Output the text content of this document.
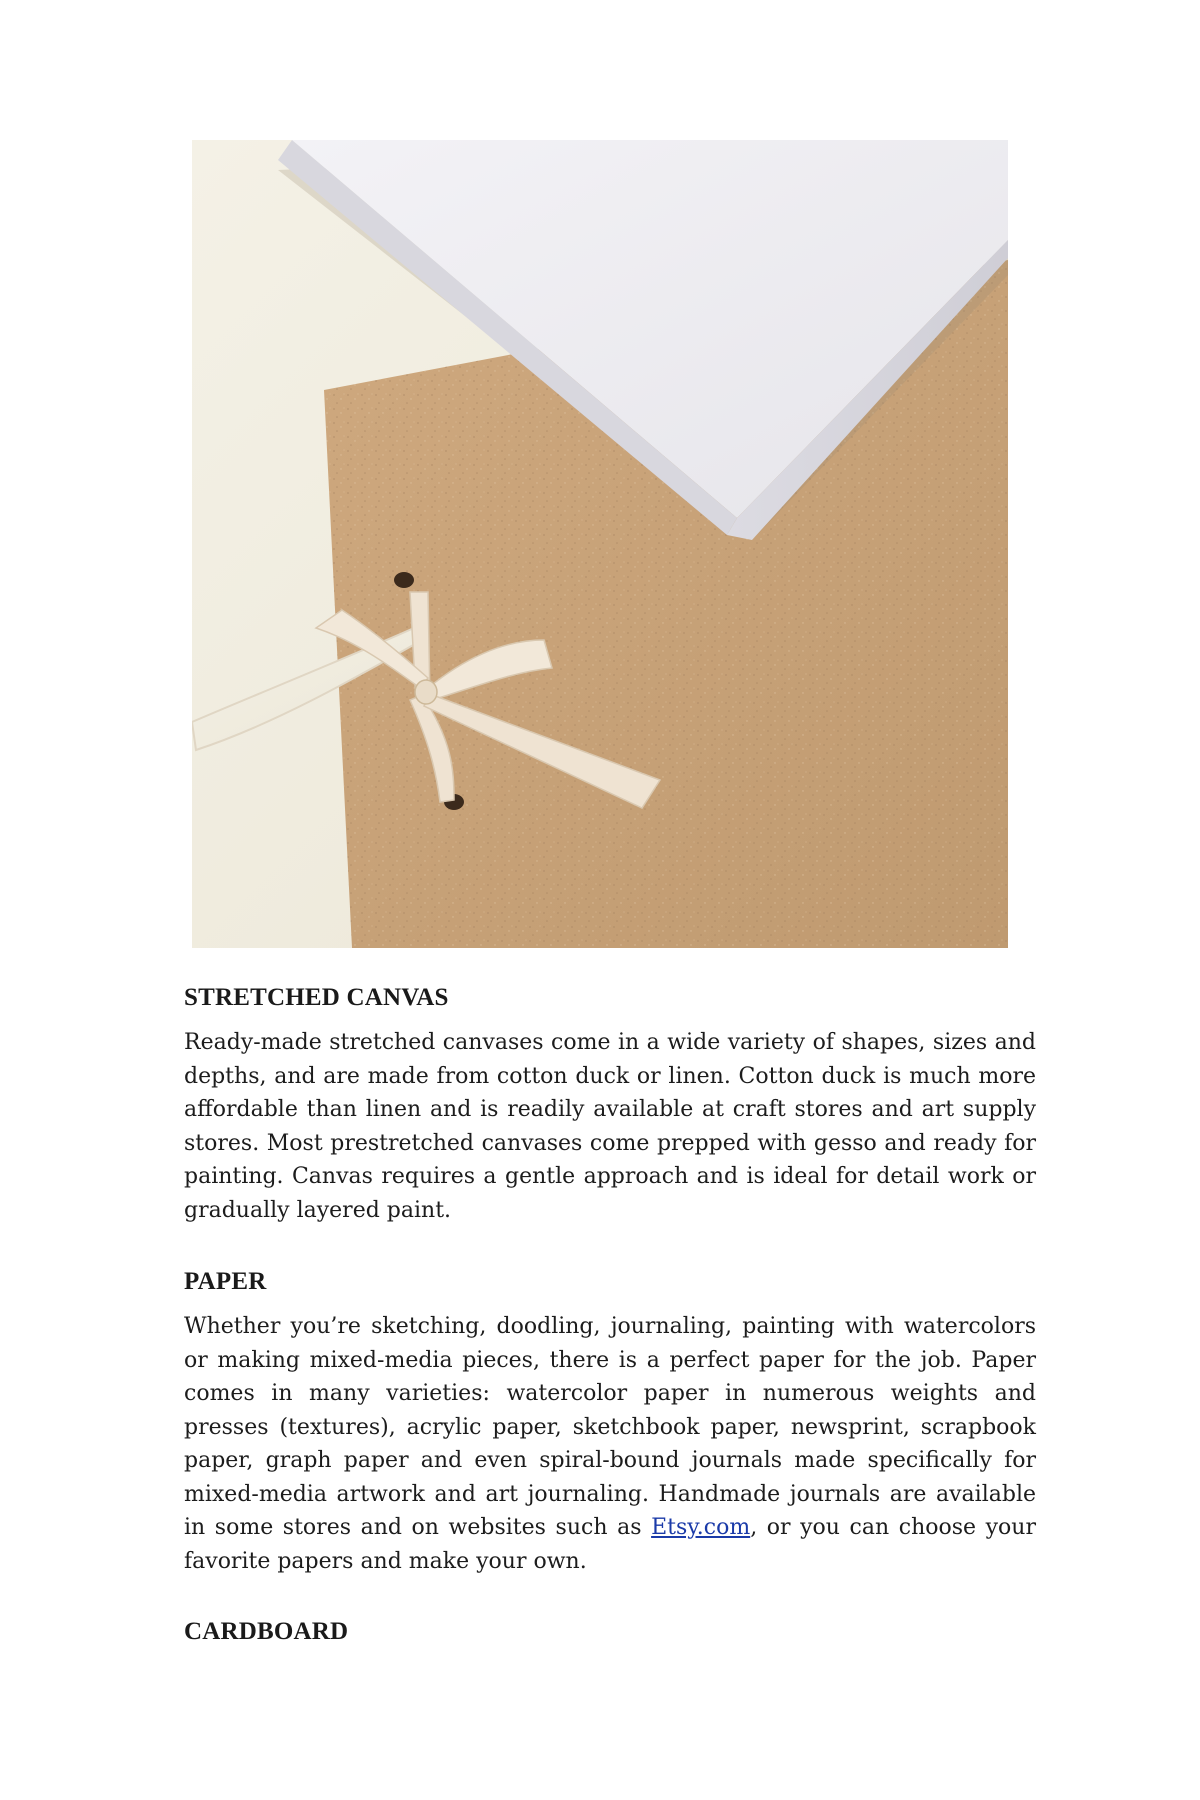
STRETCHED CANVAS

Ready-made stretched canvases come in a wide variety of shapes, sizes and depths, and are made from cotton duck or linen. Cotton duck is much more affordable than linen and is readily available at craft stores and art supply stores. Most prestretched canvases come prepped with gesso and ready for painting. Canvas requires a gentle approach and is ideal for detail work or gradually layered paint.

PAPER

Whether you’re sketching, doodling, journaling, painting with watercolors or making mixed-media pieces, there is a perfect paper for the job. Paper comes in many varieties: watercolor paper in numerous weights and presses (textures), acrylic paper, sketchbook paper, newsprint, scrapbook paper, graph paper and even spiral-bound journals made specifically for mixed-media artwork and art journaling. Handmade journals are available in some stores and on websites such as Etsy.com, or you can choose your favorite papers and make your own.

CARDBOARD
